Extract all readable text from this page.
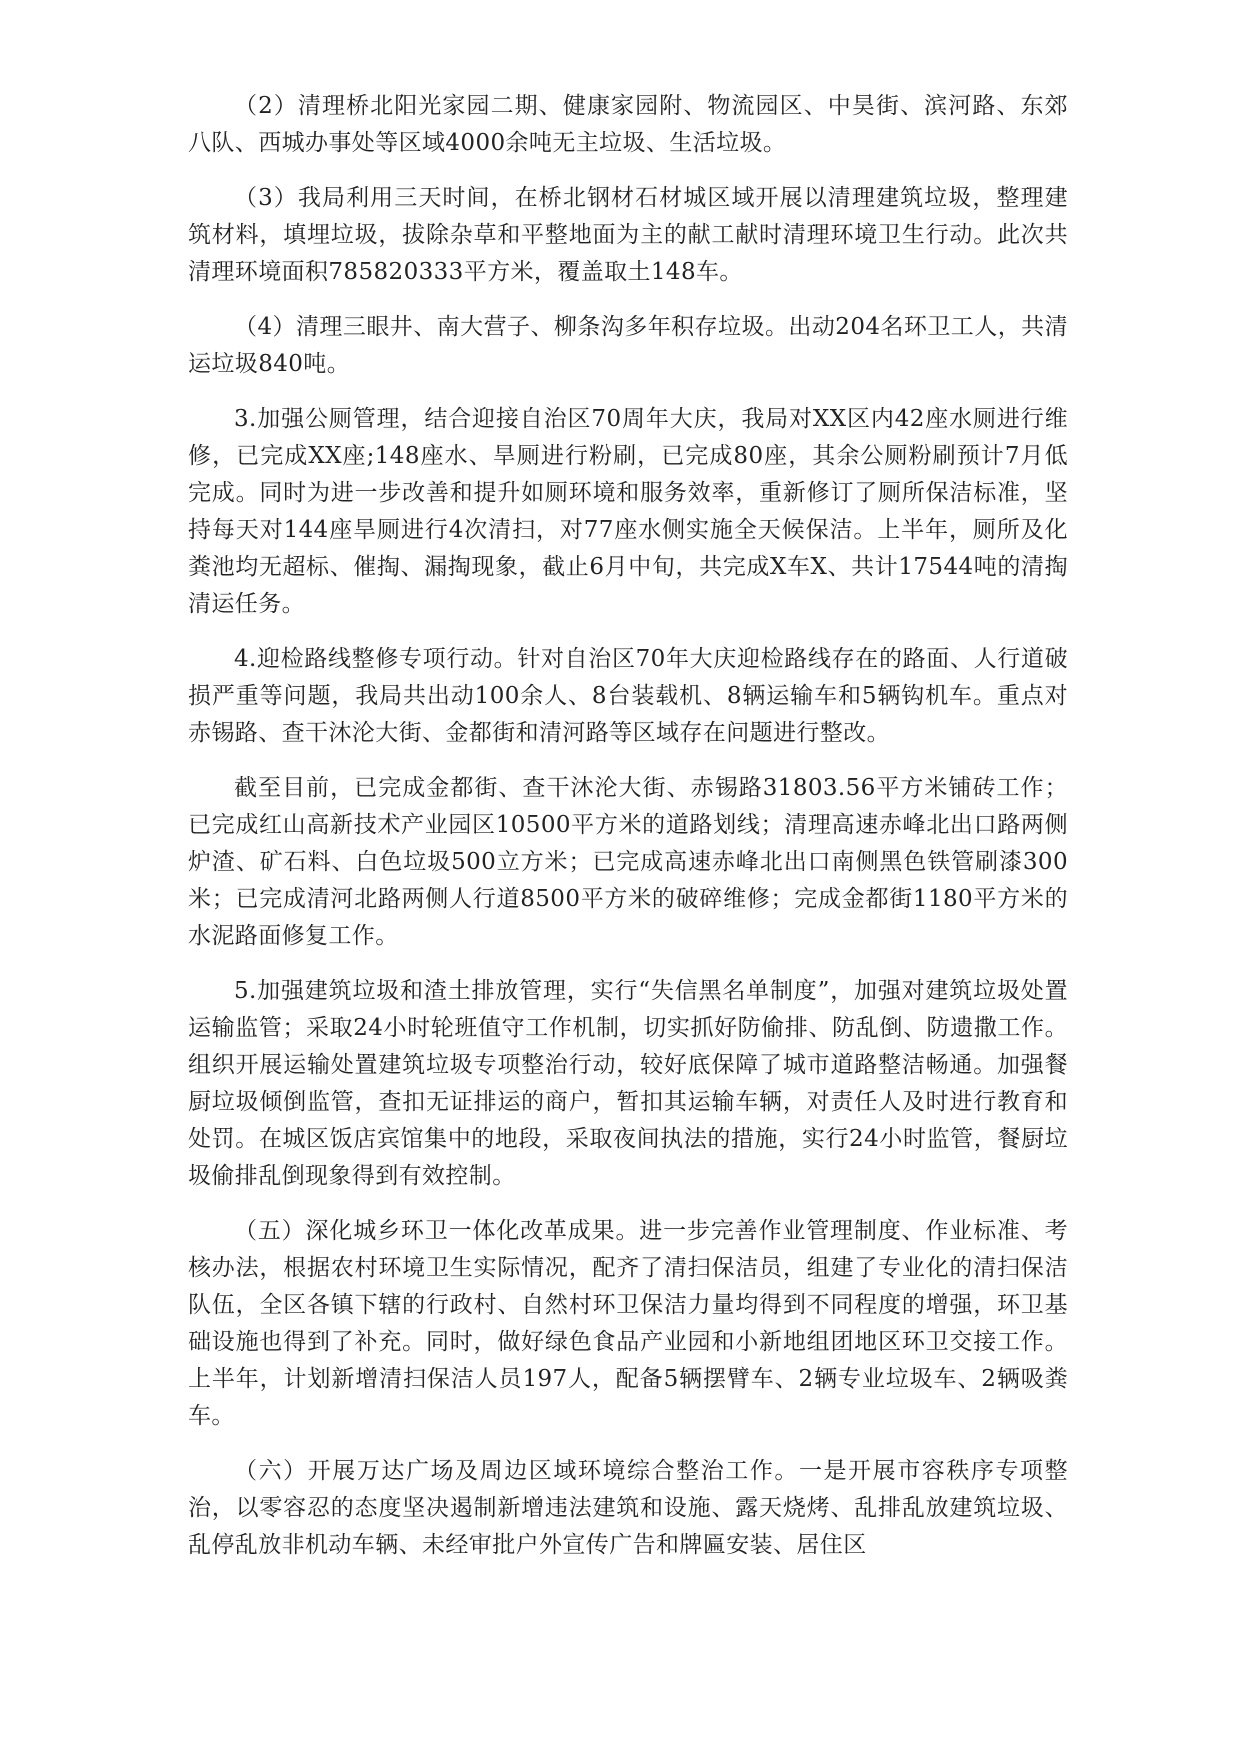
（2）清理桥北阳光家园二期、健康家园附、物流园区、中昊街、滨河路、东郊八队、西城办事处等区域4000余吨无主垃圾、生活垃圾。

（3）我局利用三天时间，在桥北钢材石材城区域开展以清理建筑垃圾，整理建筑材料，填埋垃圾，拔除杂草和平整地面为主的献工献时清理环境卫生行动。此次共清理环境面积785820333平方米，覆盖取土148车。

（4）清理三眼井、南大营子、柳条沟多年积存垃圾。出动204名环卫工人，共清运垃圾840吨。

3.加强公厕管理，结合迎接自治区70周年大庆，我局对XX区内42座水厕进行维修，已完成XX座;148座水、旱厕进行粉刷，已完成80座，其余公厕粉刷预计7月低完成。同时为进一步改善和提升如厕环境和服务效率，重新修订了厕所保洁标准，坚持每天对144座旱厕进行4次清扫，对77座水侧实施全天候保洁。上半年，厕所及化粪池均无超标、催掏、漏掏现象，截止6月中旬，共完成X车X、共计17544吨的清掏清运任务。

4.迎检路线整修专项行动。针对自治区70年大庆迎检路线存在的路面、人行道破损严重等问题，我局共出动100余人、8台装载机、8辆运输车和5辆钩机车。重点对赤锡路、查干沐沦大街、金都街和清河路等区域存在问题进行整改。

截至目前，已完成金都街、查干沐沦大街、赤锡路31803.56平方米铺砖工作；已完成红山高新技术产业园区10500平方米的道路划线；清理高速赤峰北出口路两侧炉渣、矿石料、白色垃圾500立方米；已完成高速赤峰北出口南侧黑色铁管刷漆300米；已完成清河北路两侧人行道8500平方米的破碎维修；完成金都街1180平方米的水泥路面修复工作。

5.加强建筑垃圾和渣土排放管理，实行“失信黑名单制度”，加强对建筑垃圾处置运输监管；采取24小时轮班值守工作机制，切实抓好防偷排、防乱倒、防遗撒工作。组织开展运输处置建筑垃圾专项整治行动，较好底保障了城市道路整洁畅通。加强餐厨垃圾倾倒监管，查扣无证排运的商户，暂扣其运输车辆，对责任人及时进行教育和处罚。在城区饭店宾馆集中的地段，采取夜间执法的措施，实行24小时监管，餐厨垃圾偷排乱倒现象得到有效控制。

（五）深化城乡环卫一体化改革成果。进一步完善作业管理制度、作业标准、考核办法，根据农村环境卫生实际情况，配齐了清扫保洁员，组建了专业化的清扫保洁队伍，全区各镇下辖的行政村、自然村环卫保洁力量均得到不同程度的增强，环卫基础设施也得到了补充。同时，做好绿色食品产业园和小新地组团地区环卫交接工作。上半年，计划新增清扫保洁人员197人，配备5辆摆臂车、2辆专业垃圾车、2辆吸粪车。

（六）开展万达广场及周边区域环境综合整治工作。一是开展市容秩序专项整治，以零容忍的态度坚决遏制新增违法建筑和设施、露天烧烤、乱排乱放建筑垃圾、乱停乱放非机动车辆、未经审批户外宣传广告和牌匾安装、居住区
